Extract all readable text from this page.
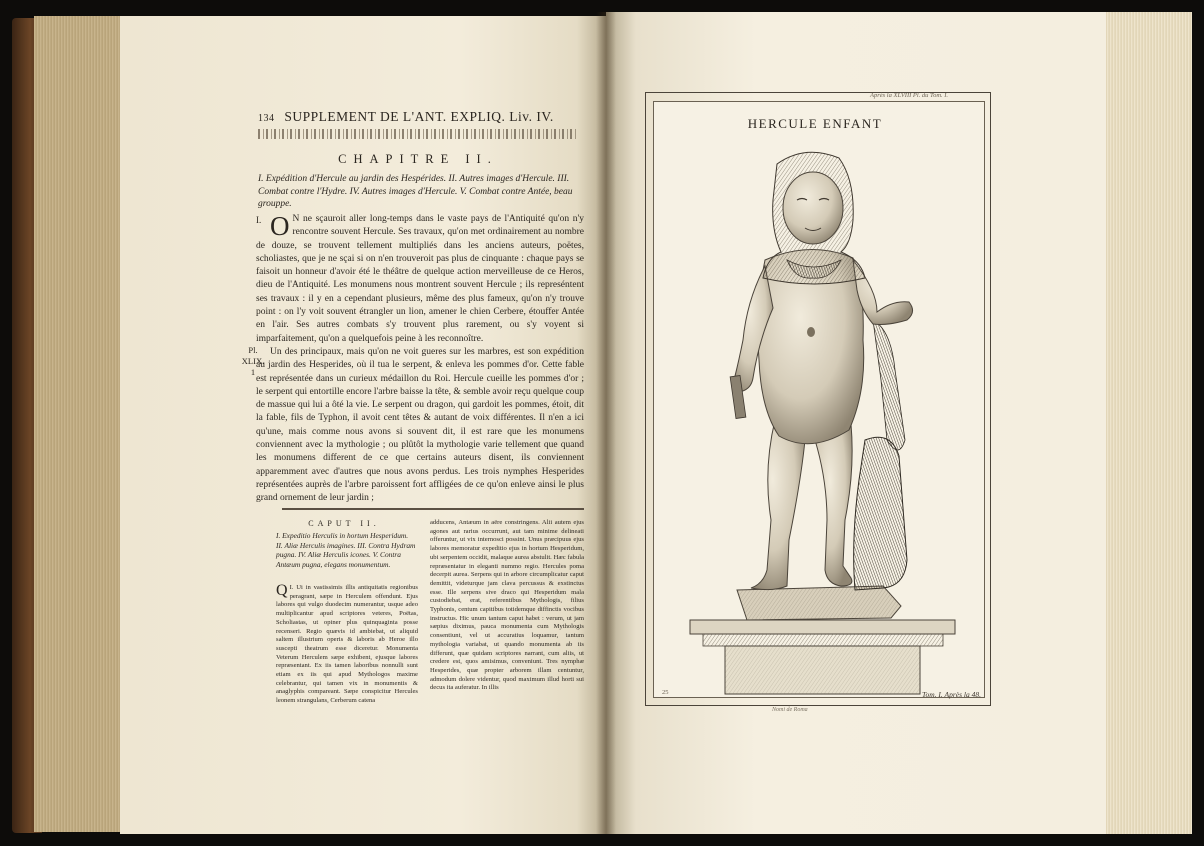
134 SUPPLEMENT DE L'ANT. EXPLIQ. Liv. IV.
CHAPITRE II.
I. Expédition d'Hercule au jardin des Hespérides. II. Autres images d'Hercule. III. Combat contre l'Hydre. IV. Autres images d'Hercule. V. Combat contre Antée, beau grouppe.
I. O N ne sçauroit aller long-temps dans le vaste pays de l'Antiquité qu'on n'y rencontre souvent Hercule. Ses travaux, qu'on met ordinairement au nombre de douze, se trouvent tellement multipliés dans les anciens auteurs, poëtes, scholiastes, que je ne sçai si on n'en trouveroit pas plus de cinquante : chaque pays se faisoit un honneur d'avoir été le théâtre de quelque action merveilleuse de ce Heros, dieu de l'Antiquité. Les monumens nous montrent souvent Hercule ; ils represéntent ses travaux : il y en a cependant plusieurs, même des plus fameux, qu'on n'y trouve point : on l'y voit souvent étrangler un lion, amener le chien Cerbere, étouffer Antée en l'air. Ses autres combats s'y trouvent plus rarement, ou s'y voyent si imparfaitement, qu'on a quelquefois peine à les reconnoître.

Un des principaux, mais qu'on ne voit gueres sur les marbres, est son expédition au jardin des Hesperides, où il tua le serpent, & enleva les pommes d'or. Cette fable est représentée dans un curieux médaillon du Roi. Hercule cueille les pommes d'or ; le serpent qui entortille encore l'arbre baisse la tête, & semble avoir reçu quelque coup de massue qui lui a ôté la vie. Le serpent ou dragon, qui gardoit les pommes, étoit, dit la fable, fils de Typhon, il avoit cent têtes & autant de voix différentes. Il n'en a ici qu'une, mais comme nous avons si souvent dit, il est rare que les monumens conviennent avec la mythologie ; ou plûtôt la mythologie varie tellement que quand les monumens different de ce que certains auteurs disent, ils conviennent apparemment avec d'autres que nous avons perdus. Les trois nymphes Hesperides représentées auprès de l'arbre paroissent fort affligées de ce qu'on enleve ainsi le plus grand ornement de leur jardin ;

Pl.
XLIX.
1
CAPUT II.
I. Expeditio Herculis in hortum Hesperidum. II. Aliæ Herculis imagines. III. Contra Hydram pugna. IV. Aliæ Herculis icones. V. Contra Antæum pugna, elegans monumentum.
Q I. Ui in vastissimis illis antiquitatis regionibus peragrant, sæpe in Herculem offendunt. Ejus labores qui vulgo duodecim numerantur, usque adeo multiplicantur apud scriptores veteres, Poëtas, Scholiastas, ut opiner plus quinquaginta posse recenseri. Regio quævis id ambiebat, ut aliquid saltem illustrium operis & laboris ab Heroe illo suscepti theatrum esse diceretur. Monumenta Veterum Herculem sæpe exhibent, ejusque labores repræsentant. Ex iis tamen laboribus nonnulli sunt etiam ex iis qui apud Mythologos maxime celebrantur, qui tamen vix in monumentis & anaglyphis compareant. Sæpe conspicitur Hercules leonem strangulans, Cerberum catena
adducens, Antæum in aëre constringens. Alii autem ejus agones aut rarius occurrunt, aut tam minime delineati offeruntur, ut vix internosci possint. Unus præcipuus ejus labores memoratur expeditio ejus in hortum Hesperidum, ubi serpentem occidit, malaque aurea abstulit. Hæc fabula repræsentatur in eleganti nummo regio. Hercules poma decerpit aurea. Serpens qui in arbore circumplicatur caput demittit, videturque jam clava percussus & exstinctus esse. Ille serpens sive draco qui Hesperidum mala custodiebat, erat, referentibus Mythologis, filius Typhonis, centum capitibus totidemque diffinctis vocibus instructus. Hic unum tantum caput habet : verum, ut jam sæpius diximus, pauca monumenta cum Mythologis consentiunt, vel ut accuratius loquamur, tantum mythologia variabat, ut quando monumenta ab iis differunt, quæ quidam scriptores narrant, cum aliis, ut credere est, quos amisimus, conveniunt. Tres nymphæ Hesperides, quæ propter arborem illam centuntur, admodum dolere videntur, quod maximum illud horti sui decus ita auferatur. In illis
Après la XLVIII Pl. du Tom. I.
HERCULE ENFANT
25	Tom. I. Après la 48.
Nomi de Roma
